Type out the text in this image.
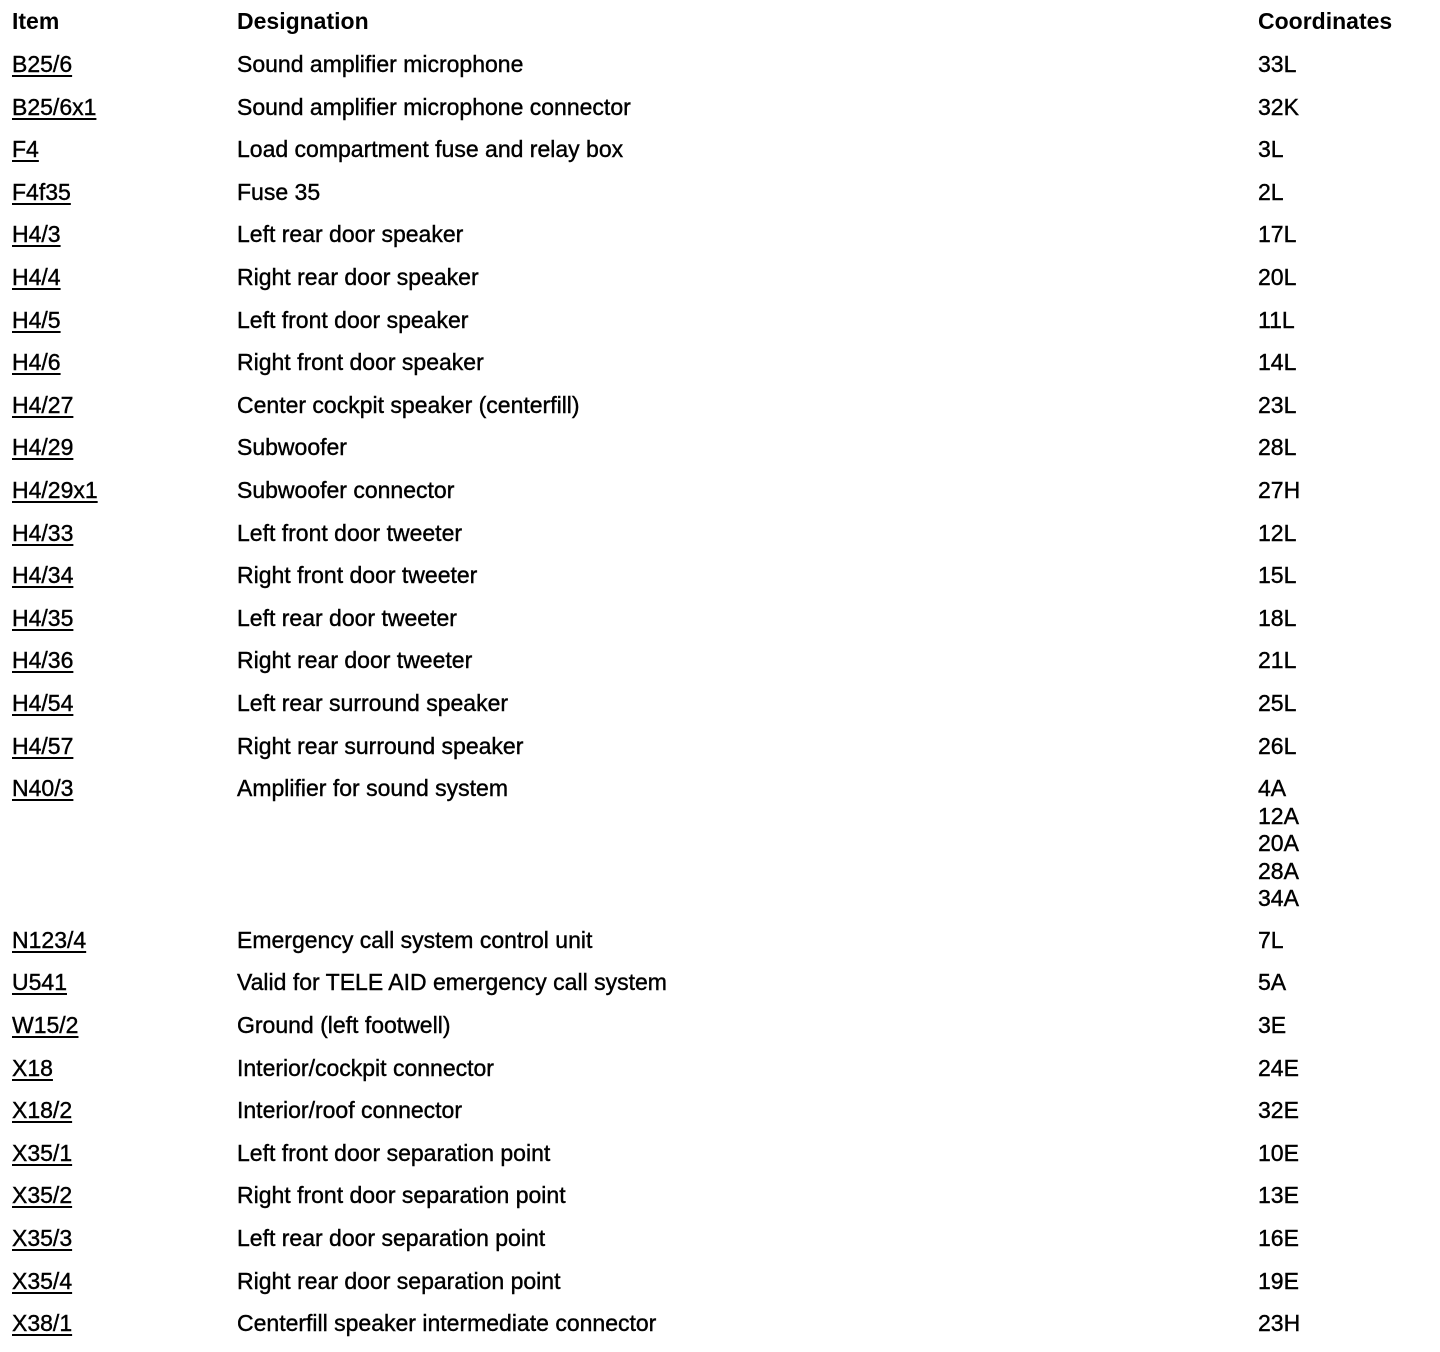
Item	Designation	Coordinates
B25/6	Sound amplifier microphone	33L
B25/6x1	Sound amplifier microphone connector	32K
F4	Load compartment fuse and relay box	3L
F4f35	Fuse 35	2L
H4/3	Left rear door speaker	17L
H4/4	Right rear door speaker	20L
H4/5	Left front door speaker	11L
H4/6	Right front door speaker	14L
H4/27	Center cockpit speaker (centerfill)	23L
H4/29	Subwoofer	28L
H4/29x1	Subwoofer connector	27H
H4/33	Left front door tweeter	12L
H4/34	Right front door tweeter	15L
H4/35	Left rear door tweeter	18L
H4/36	Right rear door tweeter	21L
H4/54	Left rear surround speaker	25L
H4/57	Right rear surround speaker	26L
N40/3	Amplifier for sound system	4A
12A
20A
28A
34A
N123/4	Emergency call system control unit	7L
U541	Valid for TELE AID emergency call system	5A
W15/2	Ground (left footwell)	3E
X18	Interior/cockpit connector	24E
X18/2	Interior/roof connector	32E
X35/1	Left front door separation point	10E
X35/2	Right front door separation point	13E
X35/3	Left rear door separation point	16E
X35/4	Right rear door separation point	19E
X38/1	Centerfill speaker intermediate connector	23H
